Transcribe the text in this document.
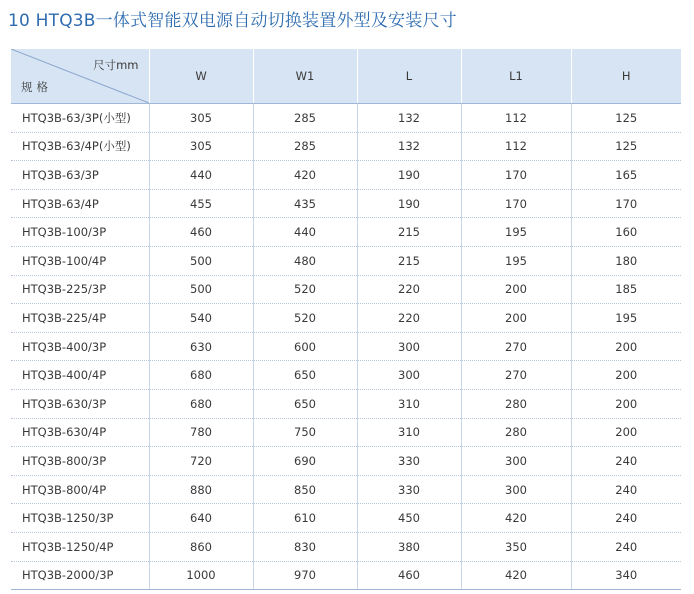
10 HTQ3B一体式智能双电源自动切换装置外型及安装尺寸
尺寸mm
规格	W	W1	L	L1	H
HTQ3B-63/3P(小型)	305	285	132	112	125
HTQ3B-63/4P(小型)	305	285	132	112	125
HTQ3B-63/3P	440	420	190	170	165
HTQ3B-63/4P	455	435	190	170	170
HTQ3B-100/3P	460	440	215	195	160
HTQ3B-100/4P	500	480	215	195	180
HTQ3B-225/3P	500	520	220	200	185
HTQ3B-225/4P	540	520	220	200	195
HTQ3B-400/3P	630	600	300	270	200
HTQ3B-400/4P	680	650	300	270	200
HTQ3B-630/3P	680	650	310	280	200
HTQ3B-630/4P	780	750	310	280	200
HTQ3B-800/3P	720	690	330	300	240
HTQ3B-800/4P	880	850	330	300	240
HTQ3B-1250/3P	640	610	450	420	240
HTQ3B-1250/4P	860	830	380	350	240
HTQ3B-2000/3P	1000	970	460	420	340
